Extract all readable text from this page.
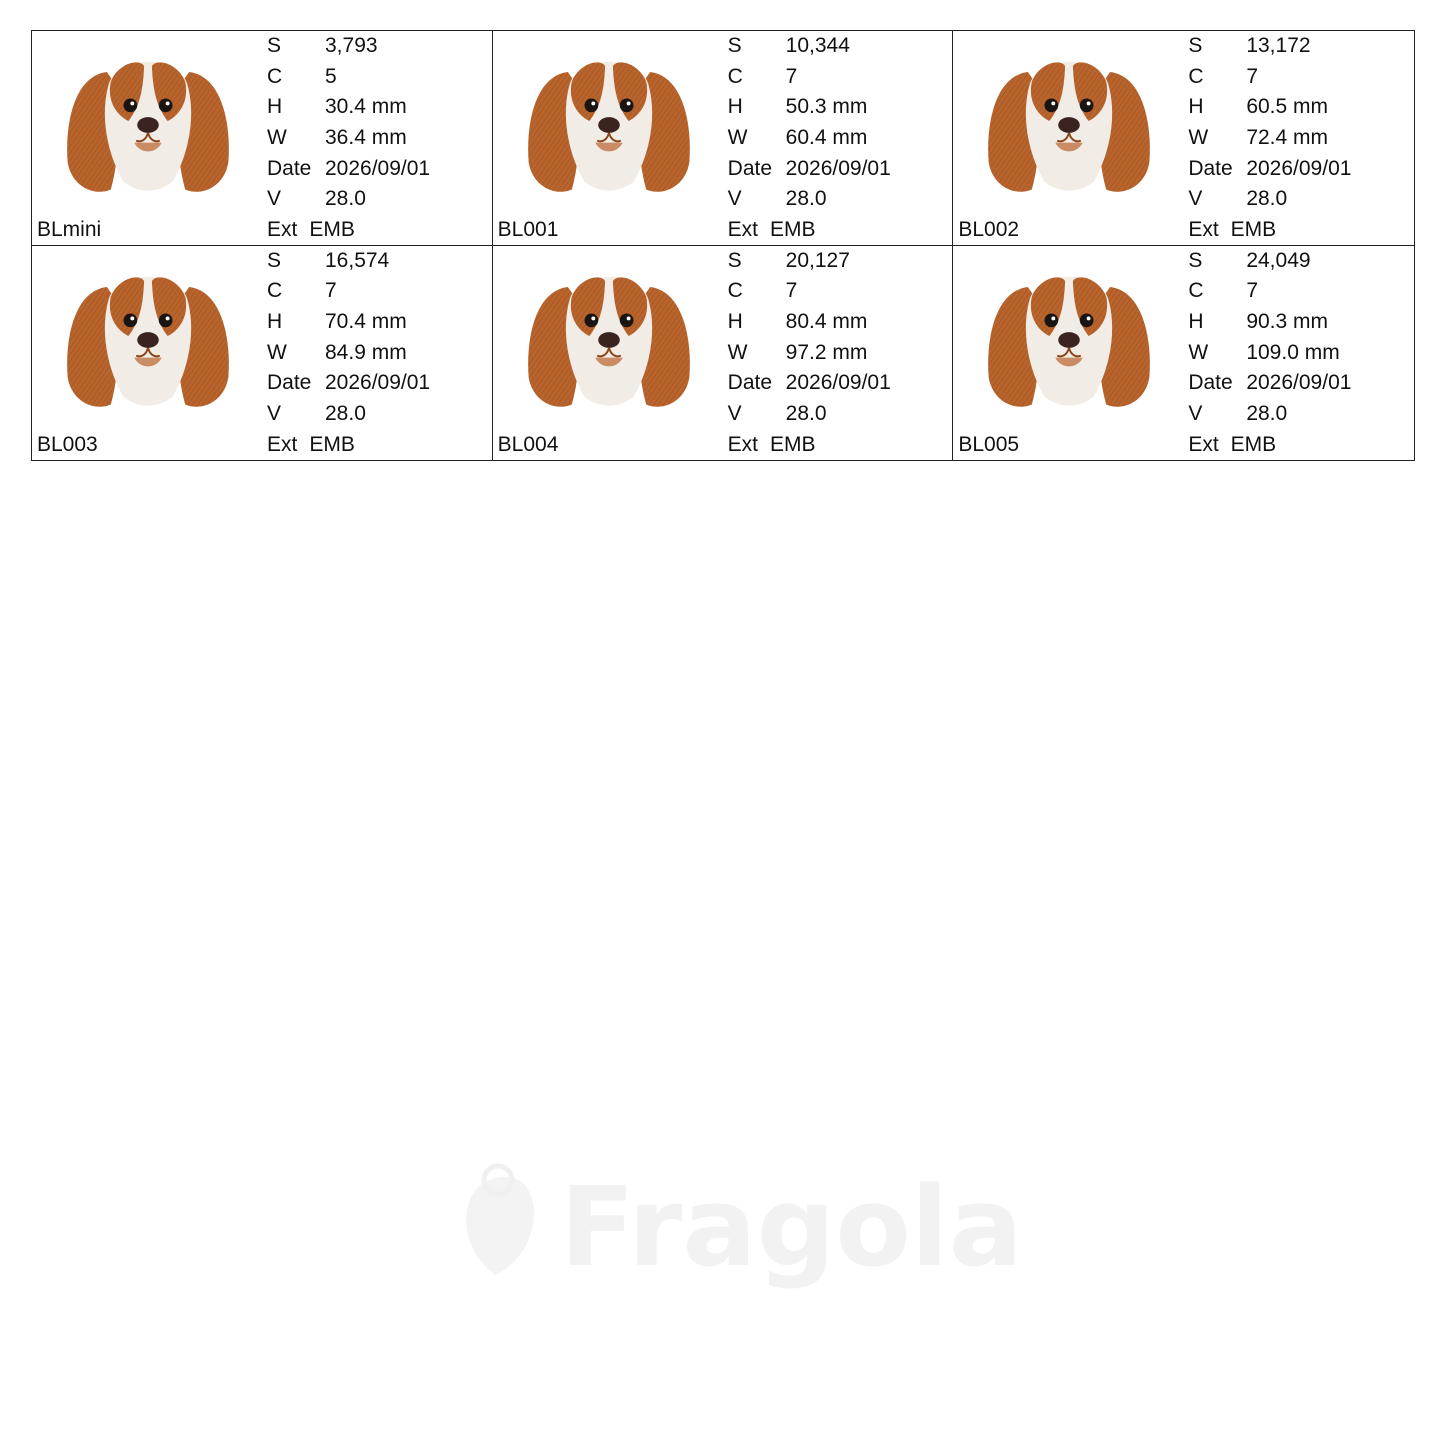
Fragola
S	3,793
C	5
H	30.4 mm
W	36.4 mm
Date 2026/09/01
V	28.0
BLmini	Ext EMB
S	10,344
C	7
H	50.3 mm
W	60.4 mm
Date 2026/09/01
V	28.0
BL001	Ext EMB
S	13,172
C	7
H	60.5 mm
W	72.4 mm
Date 2026/09/01
V	28.0
BL002	Ext EMB
S	16,574
C	7
H	70.4 mm
W	84.9 mm
Date 2026/09/01
V	28.0
BL003	Ext EMB
S	20,127
C	7
H	80.4 mm
W	97.2 mm
Date 2026/09/01
V	28.0
BL004	Ext EMB
S	24,049
C	7
H	90.3 mm
W	109.0 mm
Date 2026/09/01
V	28.0
BL005	Ext EMB
